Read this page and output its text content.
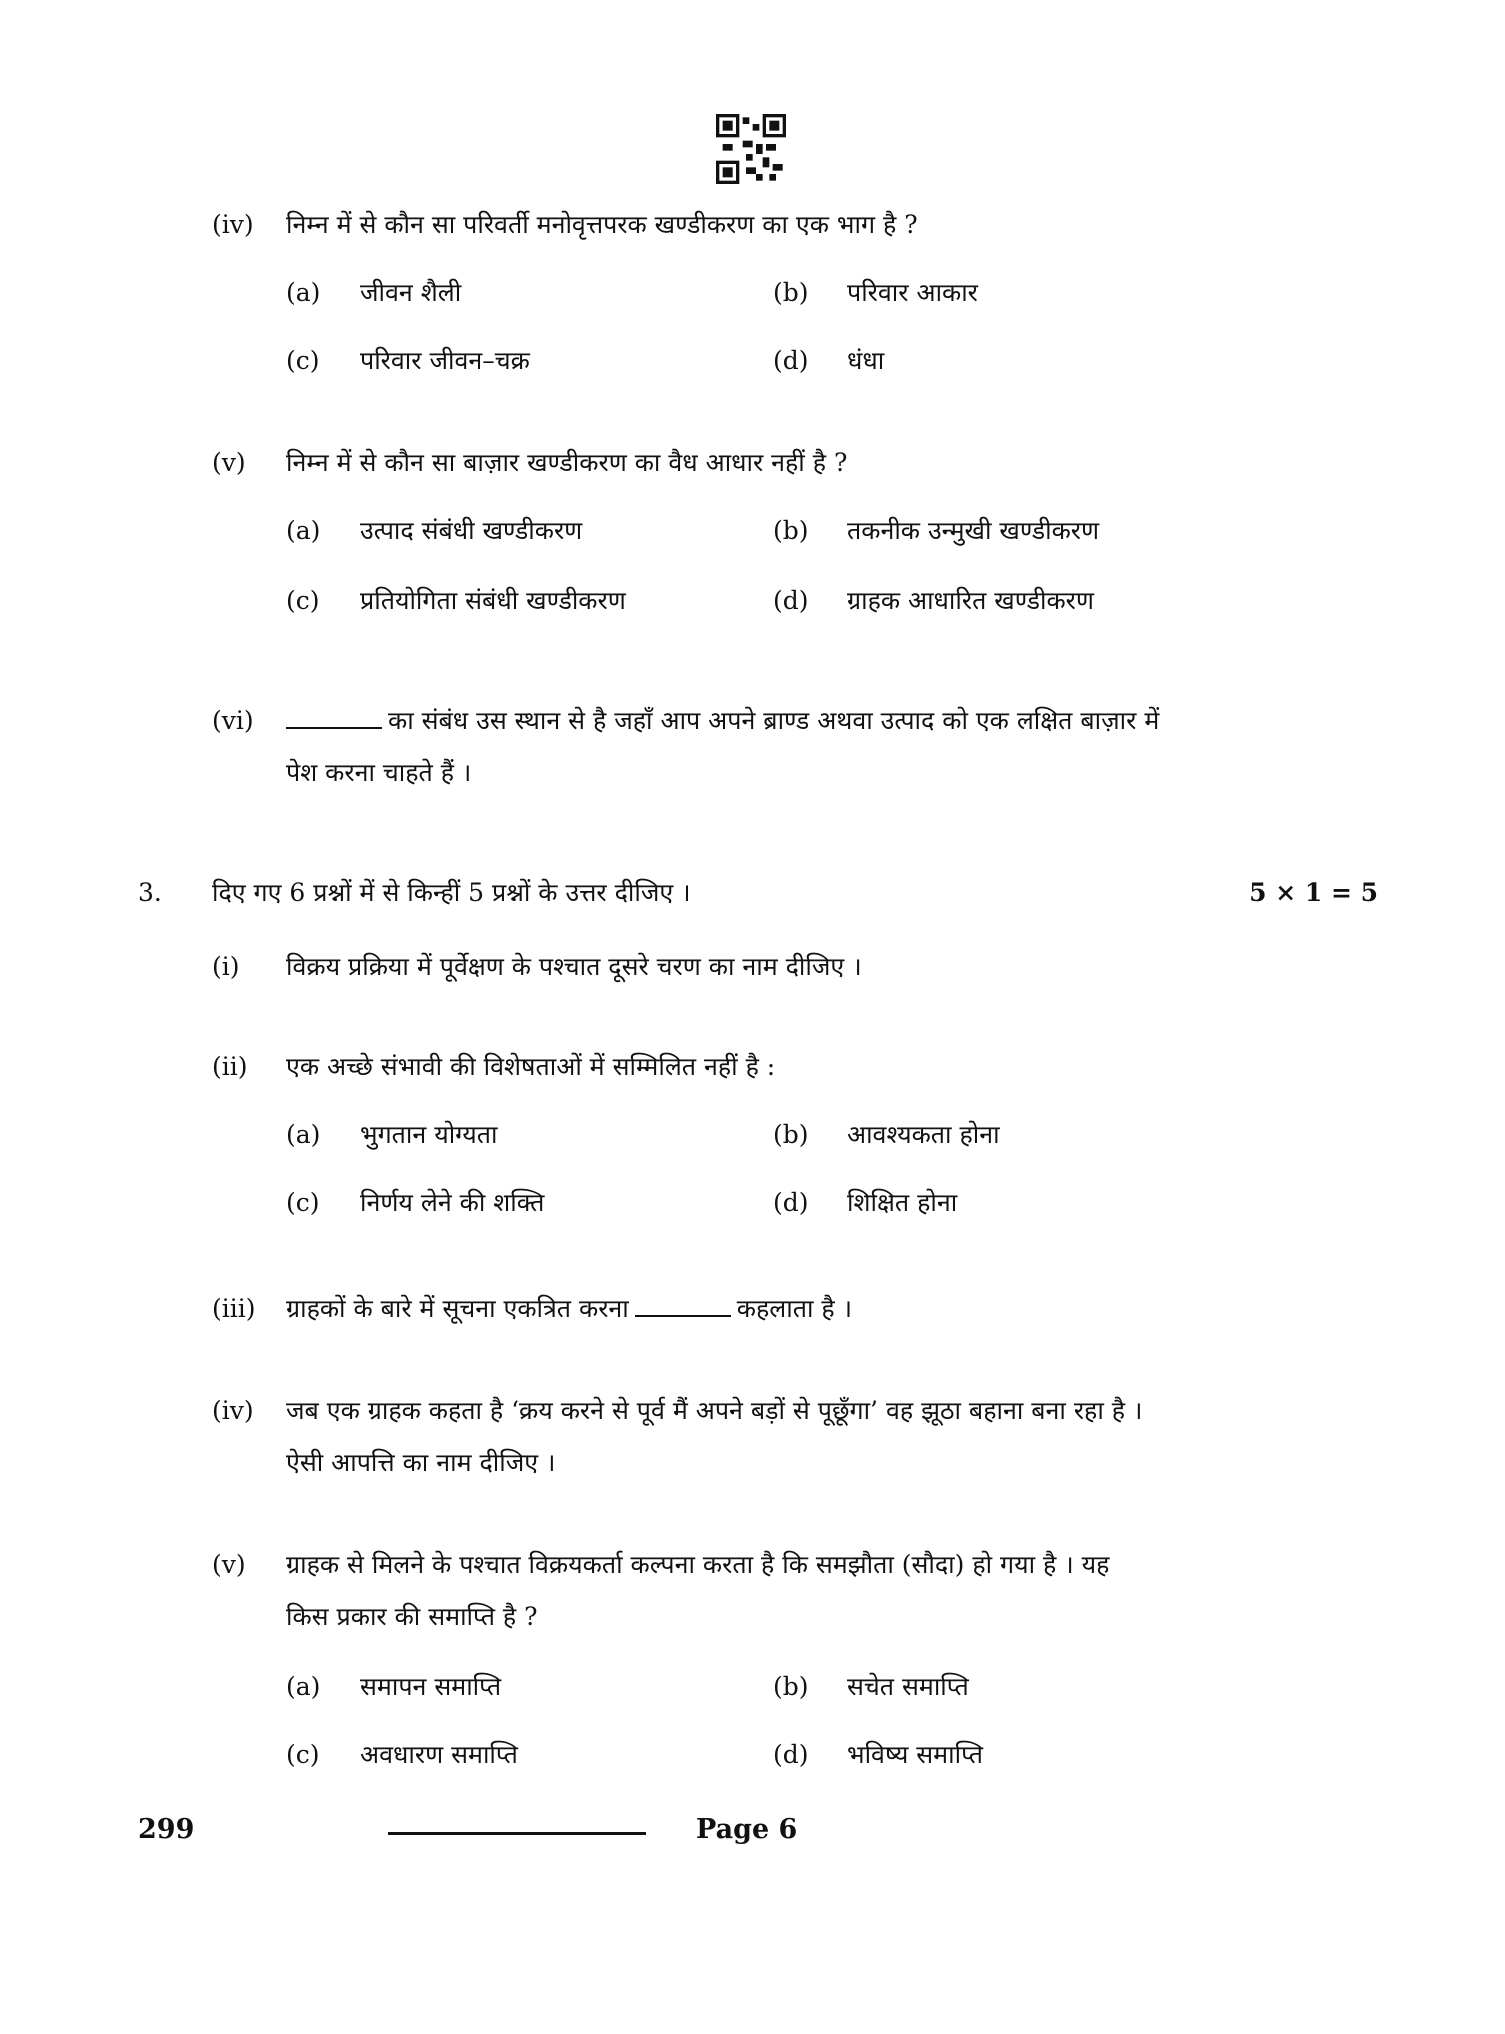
(iv) निम्न में से कौन सा परिवर्ती मनोवृत्तपरक खण्डीकरण का एक भाग है ?
(a) जीवन शैली	(b) परिवार आकार
(c) परिवार जीवन–चक्र	(d) धंधा
(v) निम्न में से कौन सा बाज़ार खण्डीकरण का वैध आधार नहीं है ?
(a) उत्पाद संबंधी खण्डीकरण	(b) तकनीक उन्मुखी खण्डीकरण
(c) प्रतियोगिता संबंधी खण्डीकरण	(d) ग्राहक आधारित खण्डीकरण
(vi)	का संबंध उस स्थान से है जहाँ आप अपने ब्राण्ड अथवा उत्पाद को एक लक्षित बाज़ार में
पेश करना चाहते हैं ।
3. दिए गए 6 प्रश्नों में से किन्हीं 5 प्रश्नों के उत्तर दीजिए ।	5 × 1 = 5
(i) विक्रय प्रक्रिया में पूर्वेक्षण के पश्चात दूसरे चरण का नाम दीजिए ।
(ii) एक अच्छे संभावी की विशेषताओं में सम्मिलित नहीं है :
(a) भुगतान योग्यता	(b) आवश्यकता होना
(c) निर्णय लेने की शक्ति	(d) शिक्षित होना
(iii) ग्राहकों के बारे में सूचना एकत्रित करना	कहलाता है ।
(iv) जब एक ग्राहक कहता है ‘क्रय करने से पूर्व मैं अपने बड़ों से पूछूँगा’ वह झूठा बहाना बना रहा है ।
ऐसी आपत्ति का नाम दीजिए ।
(v) ग्राहक से मिलने के पश्चात विक्रयकर्ता कल्पना करता है कि समझौता (सौदा) हो गया है । यह
किस प्रकार की समाप्ति है ?
(a) समापन समाप्ति	(b) सचेत समाप्ति
(c) अवधारण समाप्ति	(d) भविष्य समाप्ति
299	Page 6
